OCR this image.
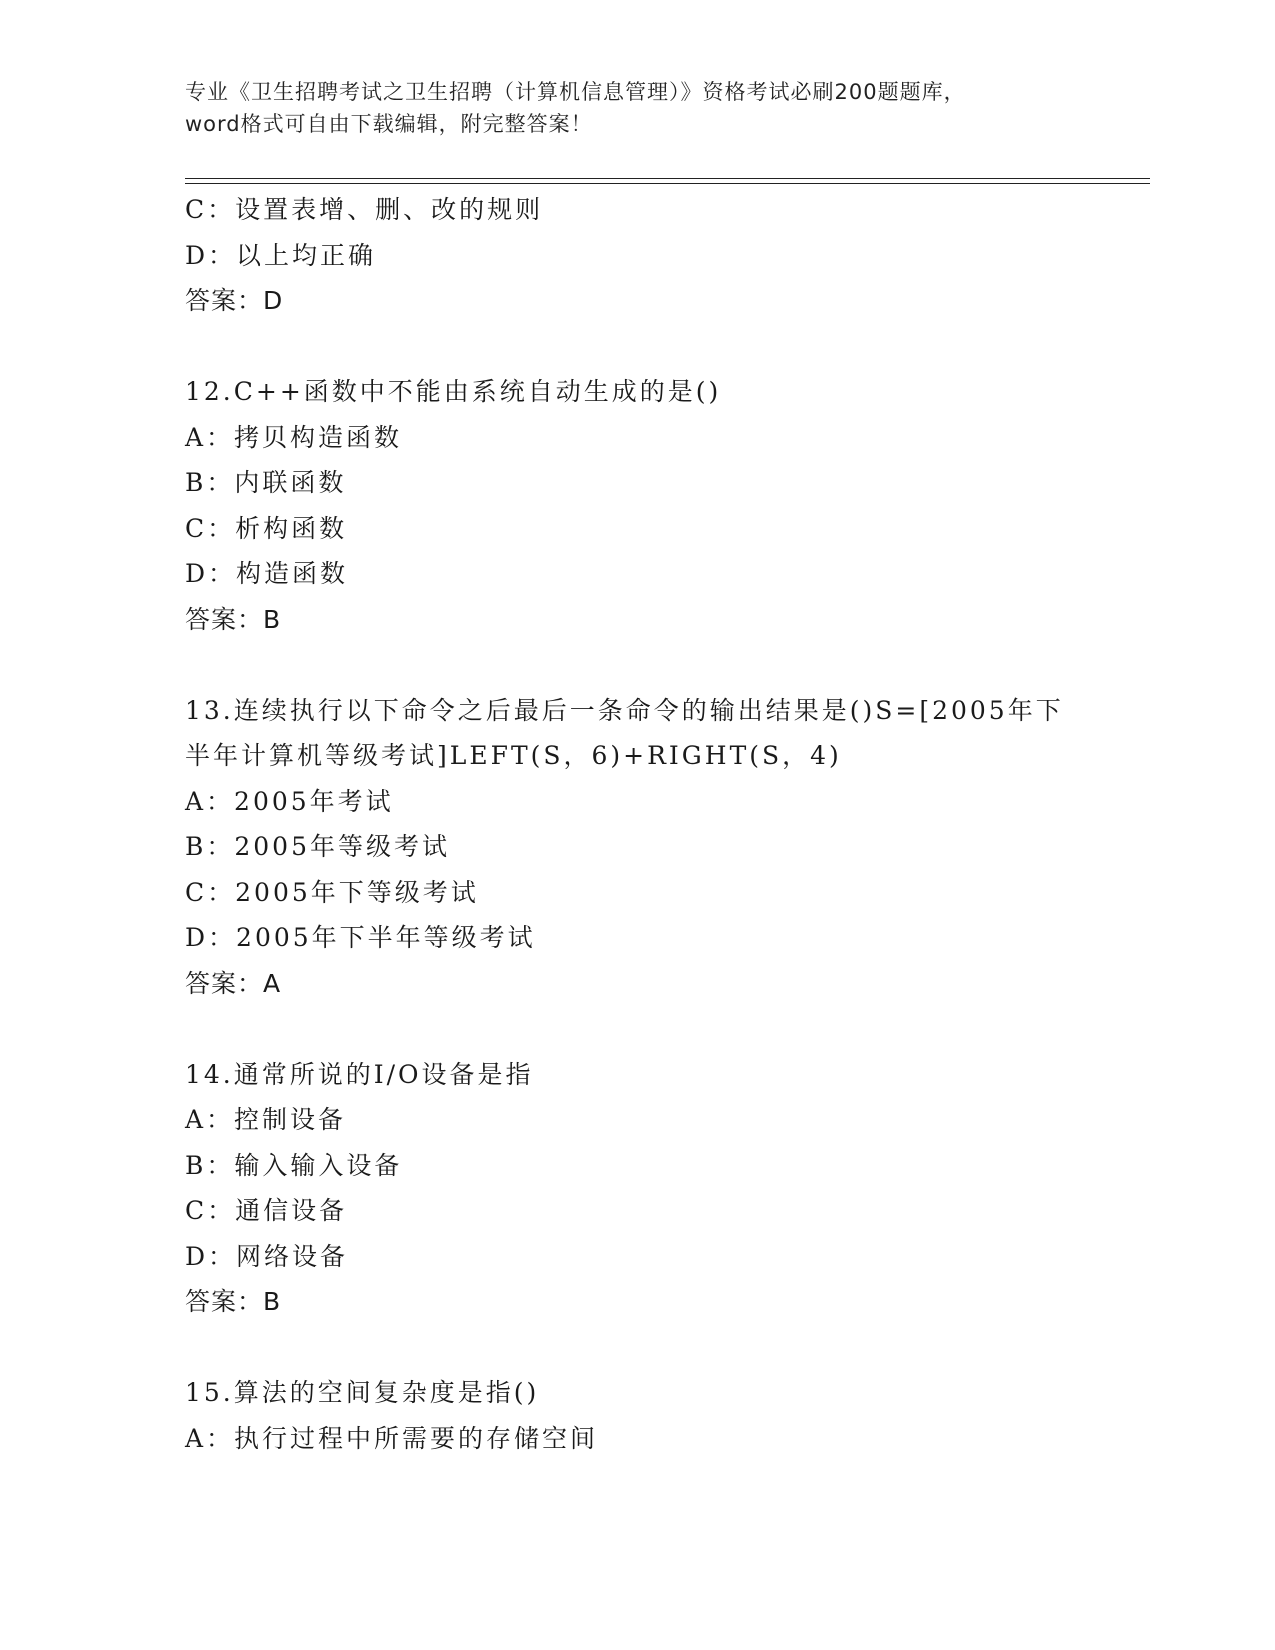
专业《卫生招聘考试之卫生招聘（计算机信息管理）》资格考试必刷200题题库，
word格式可自由下载编辑，附完整答案！
C：设置表增、删、改的规则
D：以上均正确
答案：D
12.C++函数中不能由系统自动生成的是()
A：拷贝构造函数
B：内联函数
C：析构函数
D：构造函数
答案：B
13.连续执行以下命令之后最后一条命令的输出结果是()S=[2005年下
半年计算机等级考试]LEFT(S，6)+RIGHT(S，4)
A：2005年考试
B：2005年等级考试
C：2005年下等级考试
D：2005年下半年等级考试
答案：A
14.通常所说的I/O设备是指
A：控制设备
B：输入输入设备
C：通信设备
D：网络设备
答案：B
15.算法的空间复杂度是指()
A：执行过程中所需要的存储空间
